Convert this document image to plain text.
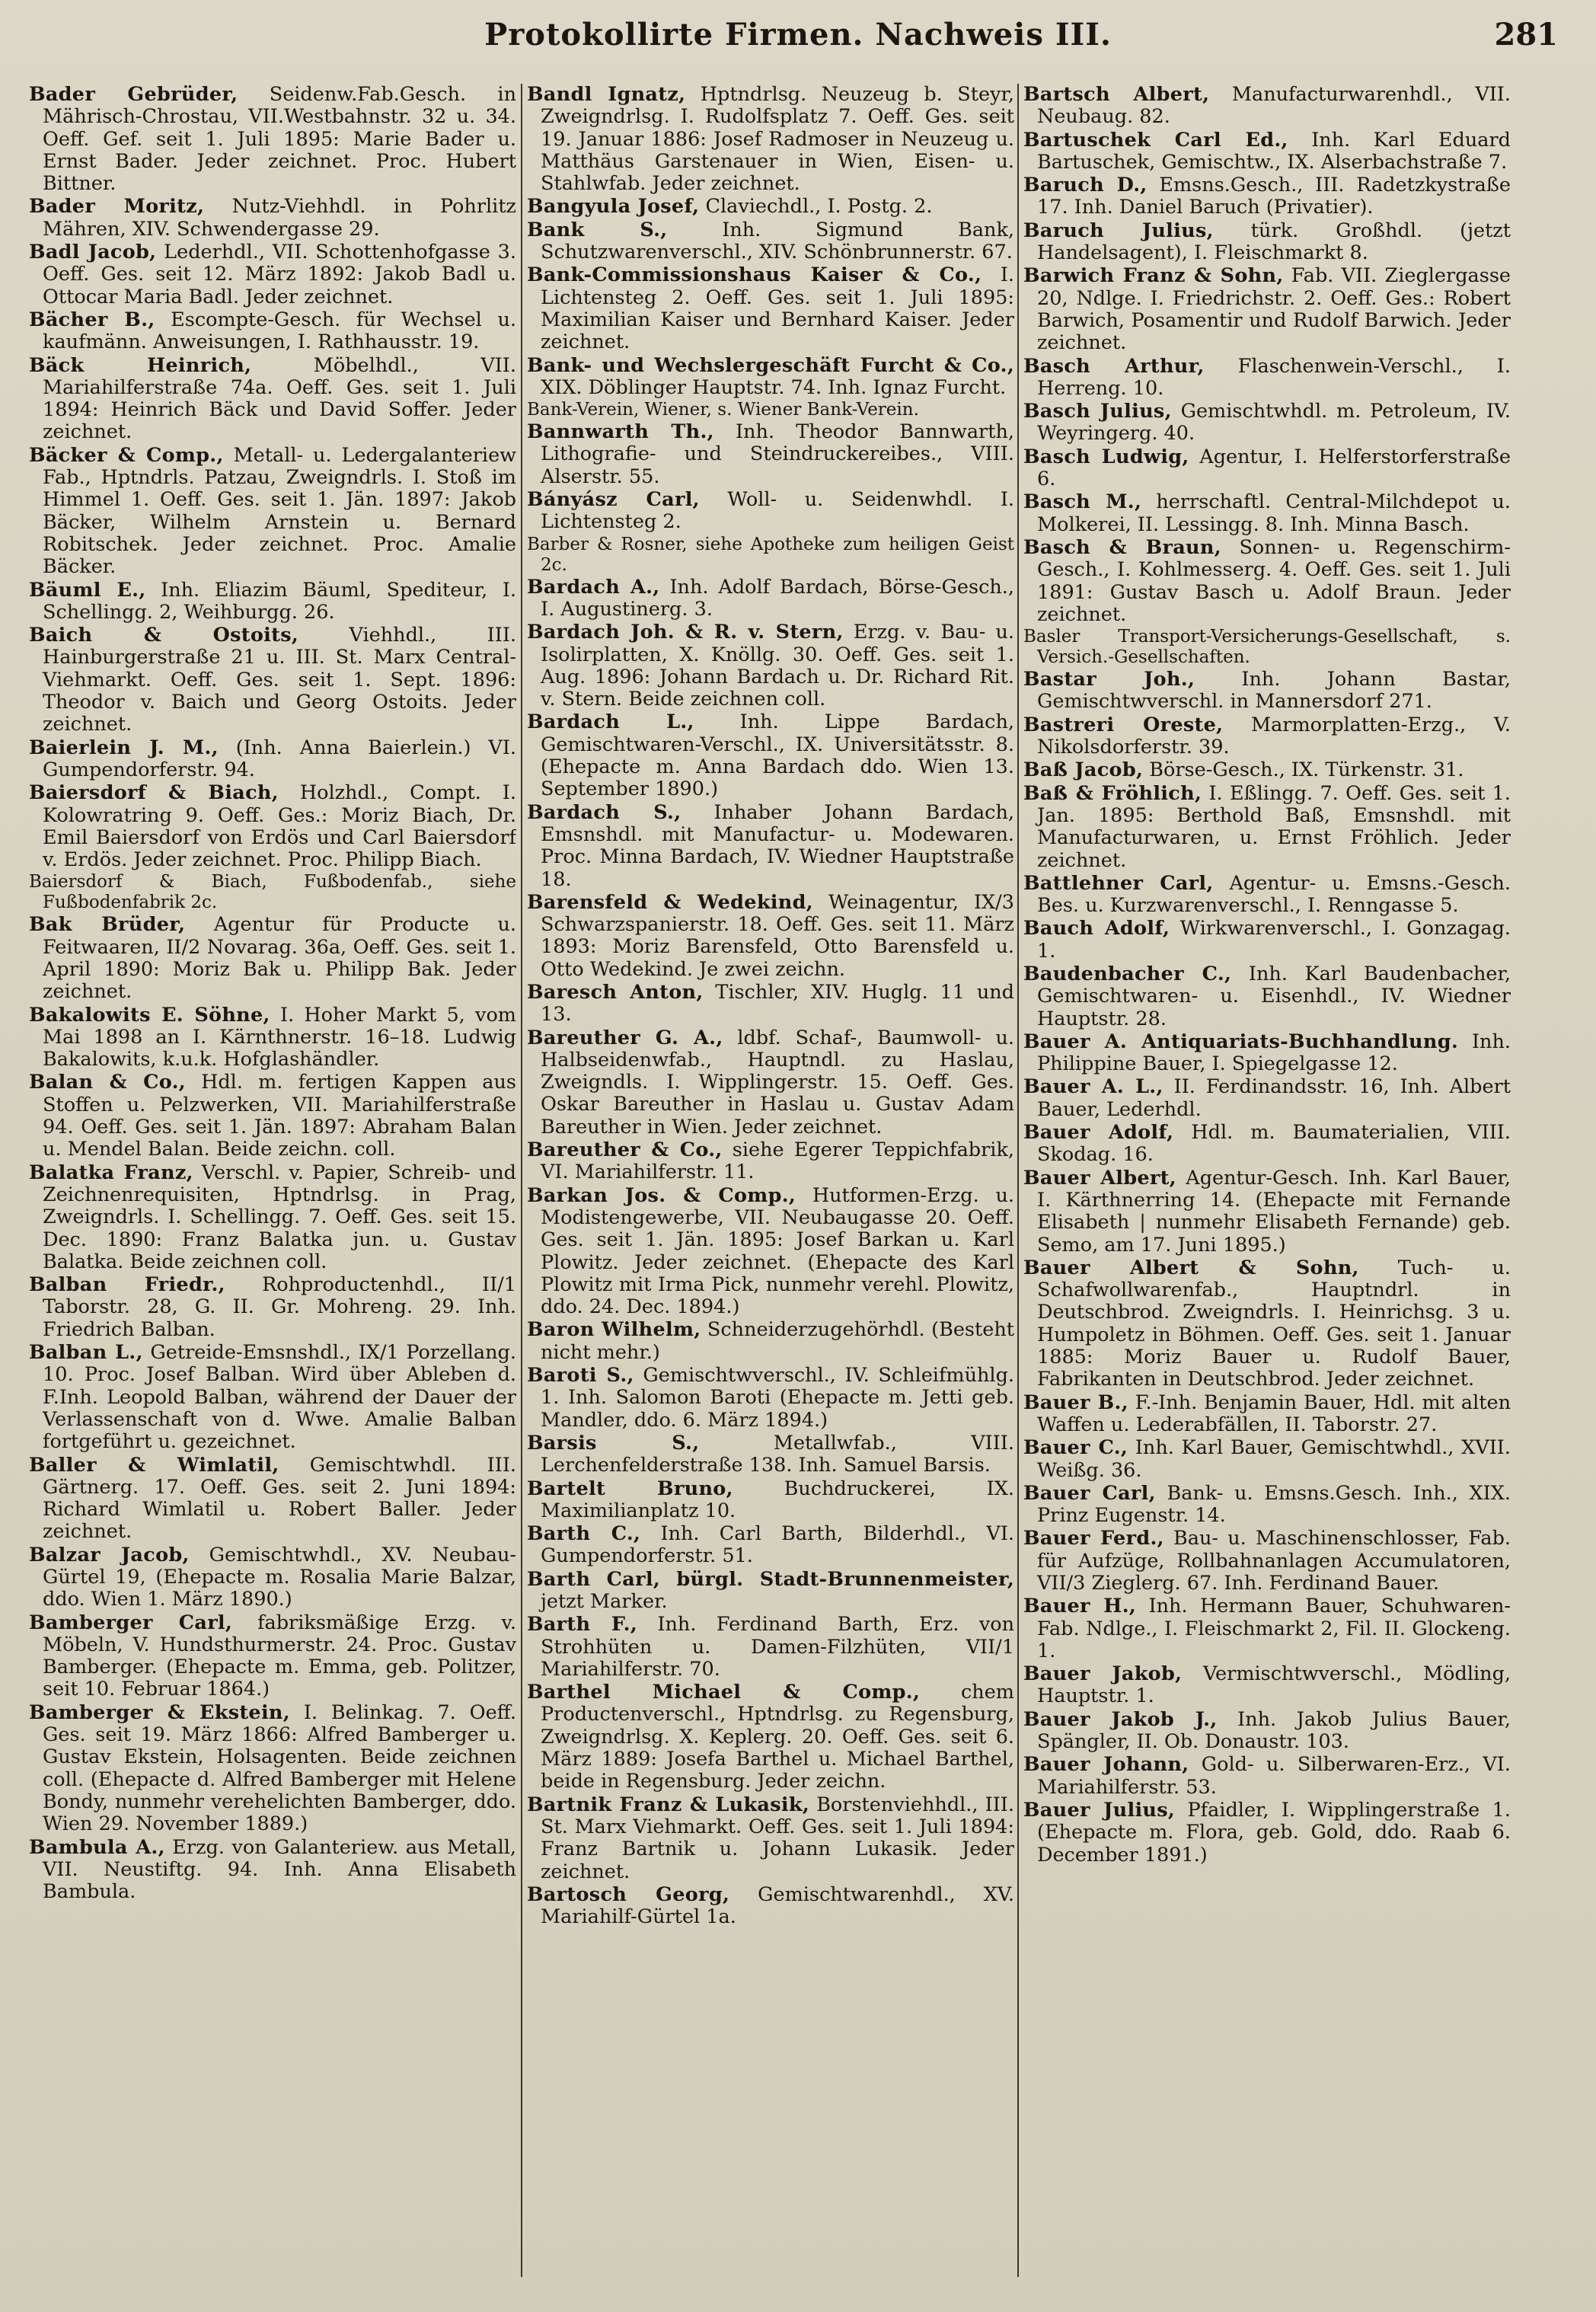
Protokollirte Firmen. Nachweis III.	281
Bader Gebrüder, Seidenw.Fab.Gesch. in Mährisch-Chrostau, VII.Westbahnstr. 32 u. 34. Oeff. Gef. seit 1. Juli 1895: Marie Bader u. Ernst Bader. Jeder zeichnet. Proc. Hubert Bittner.
Bader Moritz, Nutz-Viehhdl. in Pohrlitz Mähren, XIV. Schwendergasse 29.
Badl Jacob, Lederhdl., VII. Schottenhofgasse 3. Oeff. Ges. seit 12. März 1892: Jakob Badl u. Ottocar Maria Badl. Jeder zeichnet.
Bächer B., Escompte-Gesch. für Wechsel u. kaufmänn. Anweisungen, I. Rathhausstr. 19.
Bäck Heinrich, Möbelhdl., VII. Mariahilferstraße 74a. Oeff. Ges. seit 1. Juli 1894: Heinrich Bäck und David Soffer. Jeder zeichnet.
Bäcker & Comp., Metall- u. Ledergalanteriew Fab., Hptndrls. Patzau, Zweigndrls. I. Stoß im Himmel 1. Oeff. Ges. seit 1. Jän. 1897: Jakob Bäcker, Wilhelm Arnstein u. Bernard Robitschek. Jeder zeichnet. Proc. Amalie Bäcker.
Bäuml E., Inh. Eliazim Bäuml, Spediteur, I. Schellingg. 2, Weihburgg. 26.
Baich & Ostoits, Viehhdl., III. Hainburgerstraße 21 u. III. St. Marx Central-Viehmarkt. Oeff. Ges. seit 1. Sept. 1896: Theodor v. Baich und Georg Ostoits. Jeder zeichnet.
Baierlein J. M., (Inh. Anna Baierlein.) VI. Gumpendorferstr. 94.
Baiersdorf & Biach, Holzhdl., Compt. I. Kolowratring 9. Oeff. Ges.: Moriz Biach, Dr. Emil Baiersdorf von Erdös und Carl Baiersdorf v. Erdös. Jeder zeichnet. Proc. Philipp Biach.
Baiersdorf & Biach, Fußbodenfab., siehe Fußbodenfabrik 2c.
Bak Brüder, Agentur für Producte u. Feitwaaren, II/2 Novarag. 36a, Oeff. Ges. seit 1. April 1890: Moriz Bak u. Philipp Bak. Jeder zeichnet.
Bakalowits E. Söhne, I. Hoher Markt 5, vom Mai 1898 an I. Kärnthnerstr. 16–18. Ludwig Bakalowits, k.u.k. Hofglashändler.
Balan & Co., Hdl. m. fertigen Kappen aus Stoffen u. Pelzwerken, VII. Mariahilferstraße 94. Oeff. Ges. seit 1. Jän. 1897: Abraham Balan u. Mendel Balan. Beide zeichn. coll.
Balatka Franz, Verschl. v. Papier, Schreib- und Zeichnenrequisiten, Hptndrlsg. in Prag, Zweigndrls. I. Schellingg. 7. Oeff. Ges. seit 15. Dec. 1890: Franz Balatka jun. u. Gustav Balatka. Beide zeichnen coll.
Balban Friedr., Rohproductenhdl., II/1 Taborstr. 28, G. II. Gr. Mohreng. 29. Inh. Friedrich Balban.
Balban L., Getreide-Emsnshdl., IX/1 Porzellang. 10. Proc. Josef Balban. Wird über Ableben d. F.Inh. Leopold Balban, während der Dauer der Verlassenschaft von d. Wwe. Amalie Balban fortgeführt u. gezeichnet.
Baller & Wimlatil, Gemischtwhdl. III. Gärtnerg. 17. Oeff. Ges. seit 2. Juni 1894: Richard Wimlatil u. Robert Baller. Jeder zeichnet.
Balzar Jacob, Gemischtwhdl., XV. Neubau-Gürtel 19, (Ehepacte m. Rosalia Marie Balzar, ddo. Wien 1. März 1890.)
Bamberger Carl, fabriksmäßige Erzg. v. Möbeln, V. Hundsthurmerstr. 24. Proc. Gustav Bamberger. (Ehepacte m. Emma, geb. Politzer, seit 10. Februar 1864.)
Bamberger & Ekstein, I. Belinkag. 7. Oeff. Ges. seit 19. März 1866: Alfred Bamberger u. Gustav Ekstein, Holsagenten. Beide zeichnen coll. (Ehepacte d. Alfred Bamberger mit Helene Bondy, nunmehr verehelichten Bamberger, ddo. Wien 29. November 1889.)
Bambula A., Erzg. von Galanteriew. aus Metall, VII. Neustiftg. 94. Inh. Anna Elisabeth Bambula.
Bandl Ignatz, Hptndrlsg. Neuzeug b. Steyr, Zweigndrlsg. I. Rudolfsplatz 7. Oeff. Ges. seit 19. Januar 1886: Josef Radmoser in Neuzeug u. Matthäus Garstenauer in Wien, Eisen- u. Stahlwfab. Jeder zeichnet.
Bangyula Josef, Claviechdl., I. Postg. 2.
Bank S., Inh. Sigmund Bank, Schutzwarenverschl., XIV. Schönbrunnerstr. 67.
Bank-Commissionshaus Kaiser & Co., I. Lichtensteg 2. Oeff. Ges. seit 1. Juli 1895: Maximilian Kaiser und Bernhard Kaiser. Jeder zeichnet.
Bank- und Wechslergeschäft Furcht & Co., XIX. Döblinger Hauptstr. 74. Inh. Ignaz Furcht.
Bank-Verein, Wiener, s. Wiener Bank-Verein.
Bannwarth Th., Inh. Theodor Bannwarth, Lithografie- und Steindruckereibes., VIII. Alserstr. 55.
Bányász Carl, Woll- u. Seidenwhdl. I. Lichtensteg 2.
Barber & Rosner, siehe Apotheke zum heiligen Geist 2c.
Bardach A., Inh. Adolf Bardach, Börse-Gesch., I. Augustinerg. 3.
Bardach Joh. & R. v. Stern, Erzg. v. Bau- u. Isolirplatten, X. Knöllg. 30. Oeff. Ges. seit 1. Aug. 1896: Johann Bardach u. Dr. Richard Rit. v. Stern. Beide zeichnen coll.
Bardach L., Inh. Lippe Bardach, Gemischtwaren-Verschl., IX. Universitätsstr. 8. (Ehepacte m. Anna Bardach ddo. Wien 13. September 1890.)
Bardach S., Inhaber Johann Bardach, Emsnshdl. mit Manufactur- u. Modewaren. Proc. Minna Bardach, IV. Wiedner Hauptstraße 18.
Barensfeld & Wedekind, Weinagentur, IX/3 Schwarzspanierstr. 18. Oeff. Ges. seit 11. März 1893: Moriz Barensfeld, Otto Barensfeld u. Otto Wedekind. Je zwei zeichn.
Baresch Anton, Tischler, XIV. Huglg. 11 und 13.
Bareuther G. A., ldbf. Schaf-, Baumwoll- u. Halbseidenwfab., Hauptndl. zu Haslau, Zweigndls. I. Wipplingerstr. 15. Oeff. Ges. Oskar Bareuther in Haslau u. Gustav Adam Bareuther in Wien. Jeder zeichnet.
Bareuther & Co., siehe Egerer Teppichfabrik, VI. Mariahilferstr. 11.
Barkan Jos. & Comp., Hutformen-Erzg. u. Modistengewerbe, VII. Neubaugasse 20. Oeff. Ges. seit 1. Jän. 1895: Josef Barkan u. Karl Plowitz. Jeder zeichnet. (Ehepacte des Karl Plowitz mit Irma Pick, nunmehr verehl. Plowitz, ddo. 24. Dec. 1894.)
Baron Wilhelm, Schneiderzugehörhdl. (Besteht nicht mehr.)
Baroti S., Gemischtwverschl., IV. Schleifmühlg. 1. Inh. Salomon Baroti (Ehepacte m. Jetti geb. Mandler, ddo. 6. März 1894.)
Barsis S., Metallwfab., VIII. Lerchenfelderstraße 138. Inh. Samuel Barsis.
Bartelt Bruno, Buchdruckerei, IX. Maximilianplatz 10.
Barth C., Inh. Carl Barth, Bilderhdl., VI. Gumpendorferstr. 51.
Barth Carl, bürgl. Stadt-Brunnenmeister, jetzt Marker.
Barth F., Inh. Ferdinand Barth, Erz. von Strohhüten u. Damen-Filzhüten, VII/1 Mariahilferstr. 70.
Barthel Michael & Comp., chem Productenverschl., Hptndrlsg. zu Regensburg, Zweigndrlsg. X. Keplerg. 20. Oeff. Ges. seit 6. März 1889: Josefa Barthel u. Michael Barthel, beide in Regensburg. Jeder zeichn.
Bartnik Franz & Lukasik, Borstenviehhdl., III. St. Marx Viehmarkt. Oeff. Ges. seit 1. Juli 1894: Franz Bartnik u. Johann Lukasik. Jeder zeichnet.
Bartosch Georg, Gemischtwarenhdl., XV. Mariahilf-Gürtel 1a.
Bartsch Albert, Manufacturwarenhdl., VII. Neubaug. 82.
Bartuschek Carl Ed., Inh. Karl Eduard Bartuschek, Gemischtw., IX. Alserbachstraße 7.
Baruch D., Emsns.Gesch., III. Radetzkystraße 17. Inh. Daniel Baruch (Privatier).
Baruch Julius, türk. Großhdl. (jetzt Handelsagent), I. Fleischmarkt 8.
Barwich Franz & Sohn, Fab. VII. Zieglergasse 20, Ndlge. I. Friedrichstr. 2. Oeff. Ges.: Robert Barwich, Posamentir und Rudolf Barwich. Jeder zeichnet.
Basch Arthur, Flaschenwein-Verschl., I. Herreng. 10.
Basch Julius, Gemischtwhdl. m. Petroleum, IV. Weyringerg. 40.
Basch Ludwig, Agentur, I. Helferstorferstraße 6.
Basch M., herrschaftl. Central-Milchdepot u. Molkerei, II. Lessingg. 8. Inh. Minna Basch.
Basch & Braun, Sonnen- u. Regenschirm-Gesch., I. Kohlmesserg. 4. Oeff. Ges. seit 1. Juli 1891: Gustav Basch u. Adolf Braun. Jeder zeichnet.
Basler Transport-Versicherungs-Gesellschaft, s. Versich.-Gesellschaften.
Bastar Joh., Inh. Johann Bastar, Gemischtwverschl. in Mannersdorf 271.
Bastreri Oreste, Marmorplatten-Erzg., V. Nikolsdorferstr. 39.
Baß Jacob, Börse-Gesch., IX. Türkenstr. 31.
Baß & Fröhlich, I. Eßlingg. 7. Oeff. Ges. seit 1. Jan. 1895: Berthold Baß, Emsnshdl. mit Manufacturwaren, u. Ernst Fröhlich. Jeder zeichnet.
Battlehner Carl, Agentur- u. Emsns.-Gesch. Bes. u. Kurzwarenverschl., I. Renngasse 5.
Bauch Adolf, Wirkwarenverschl., I. Gonzagag. 1.
Baudenbacher C., Inh. Karl Baudenbacher, Gemischtwaren- u. Eisenhdl., IV. Wiedner Hauptstr. 28.
Bauer A. Antiquariats-Buchhandlung. Inh. Philippine Bauer, I. Spiegelgasse 12.
Bauer A. L., II. Ferdinandsstr. 16, Inh. Albert Bauer, Lederhdl.
Bauer Adolf, Hdl. m. Baumaterialien, VIII. Skodag. 16.
Bauer Albert, Agentur-Gesch. Inh. Karl Bauer, I. Kärthnerring 14. (Ehepacte mit Fernande Elisabeth | nunmehr Elisabeth Fernande) geb. Semo, am 17. Juni 1895.)
Bauer Albert & Sohn, Tuch- u. Schafwollwarenfab., Hauptndrl. in Deutschbrod. Zweigndrls. I. Heinrichsg. 3 u. Humpoletz in Böhmen. Oeff. Ges. seit 1. Januar 1885: Moriz Bauer u. Rudolf Bauer, Fabrikanten in Deutschbrod. Jeder zeichnet.
Bauer B., F.-Inh. Benjamin Bauer, Hdl. mit alten Waffen u. Lederabfällen, II. Taborstr. 27.
Bauer C., Inh. Karl Bauer, Gemischtwhdl., XVII. Weißg. 36.
Bauer Carl, Bank- u. Emsns.Gesch. Inh., XIX. Prinz Eugenstr. 14.
Bauer Ferd., Bau- u. Maschinenschlosser, Fab. für Aufzüge, Rollbahnanlagen Accumulatoren, VII/3 Zieglerg. 67. Inh. Ferdinand Bauer.
Bauer H., Inh. Hermann Bauer, Schuhwaren-Fab. Ndlge., I. Fleischmarkt 2, Fil. II. Glockeng. 1.
Bauer Jakob, Vermischtwverschl., Mödling, Hauptstr. 1.
Bauer Jakob J., Inh. Jakob Julius Bauer, Spängler, II. Ob. Donaustr. 103.
Bauer Johann, Gold- u. Silberwaren-Erz., VI. Mariahilferstr. 53.
Bauer Julius, Pfaidler, I. Wipplingerstraße 1. (Ehepacte m. Flora, geb. Gold, ddo. Raab 6. December 1891.)
